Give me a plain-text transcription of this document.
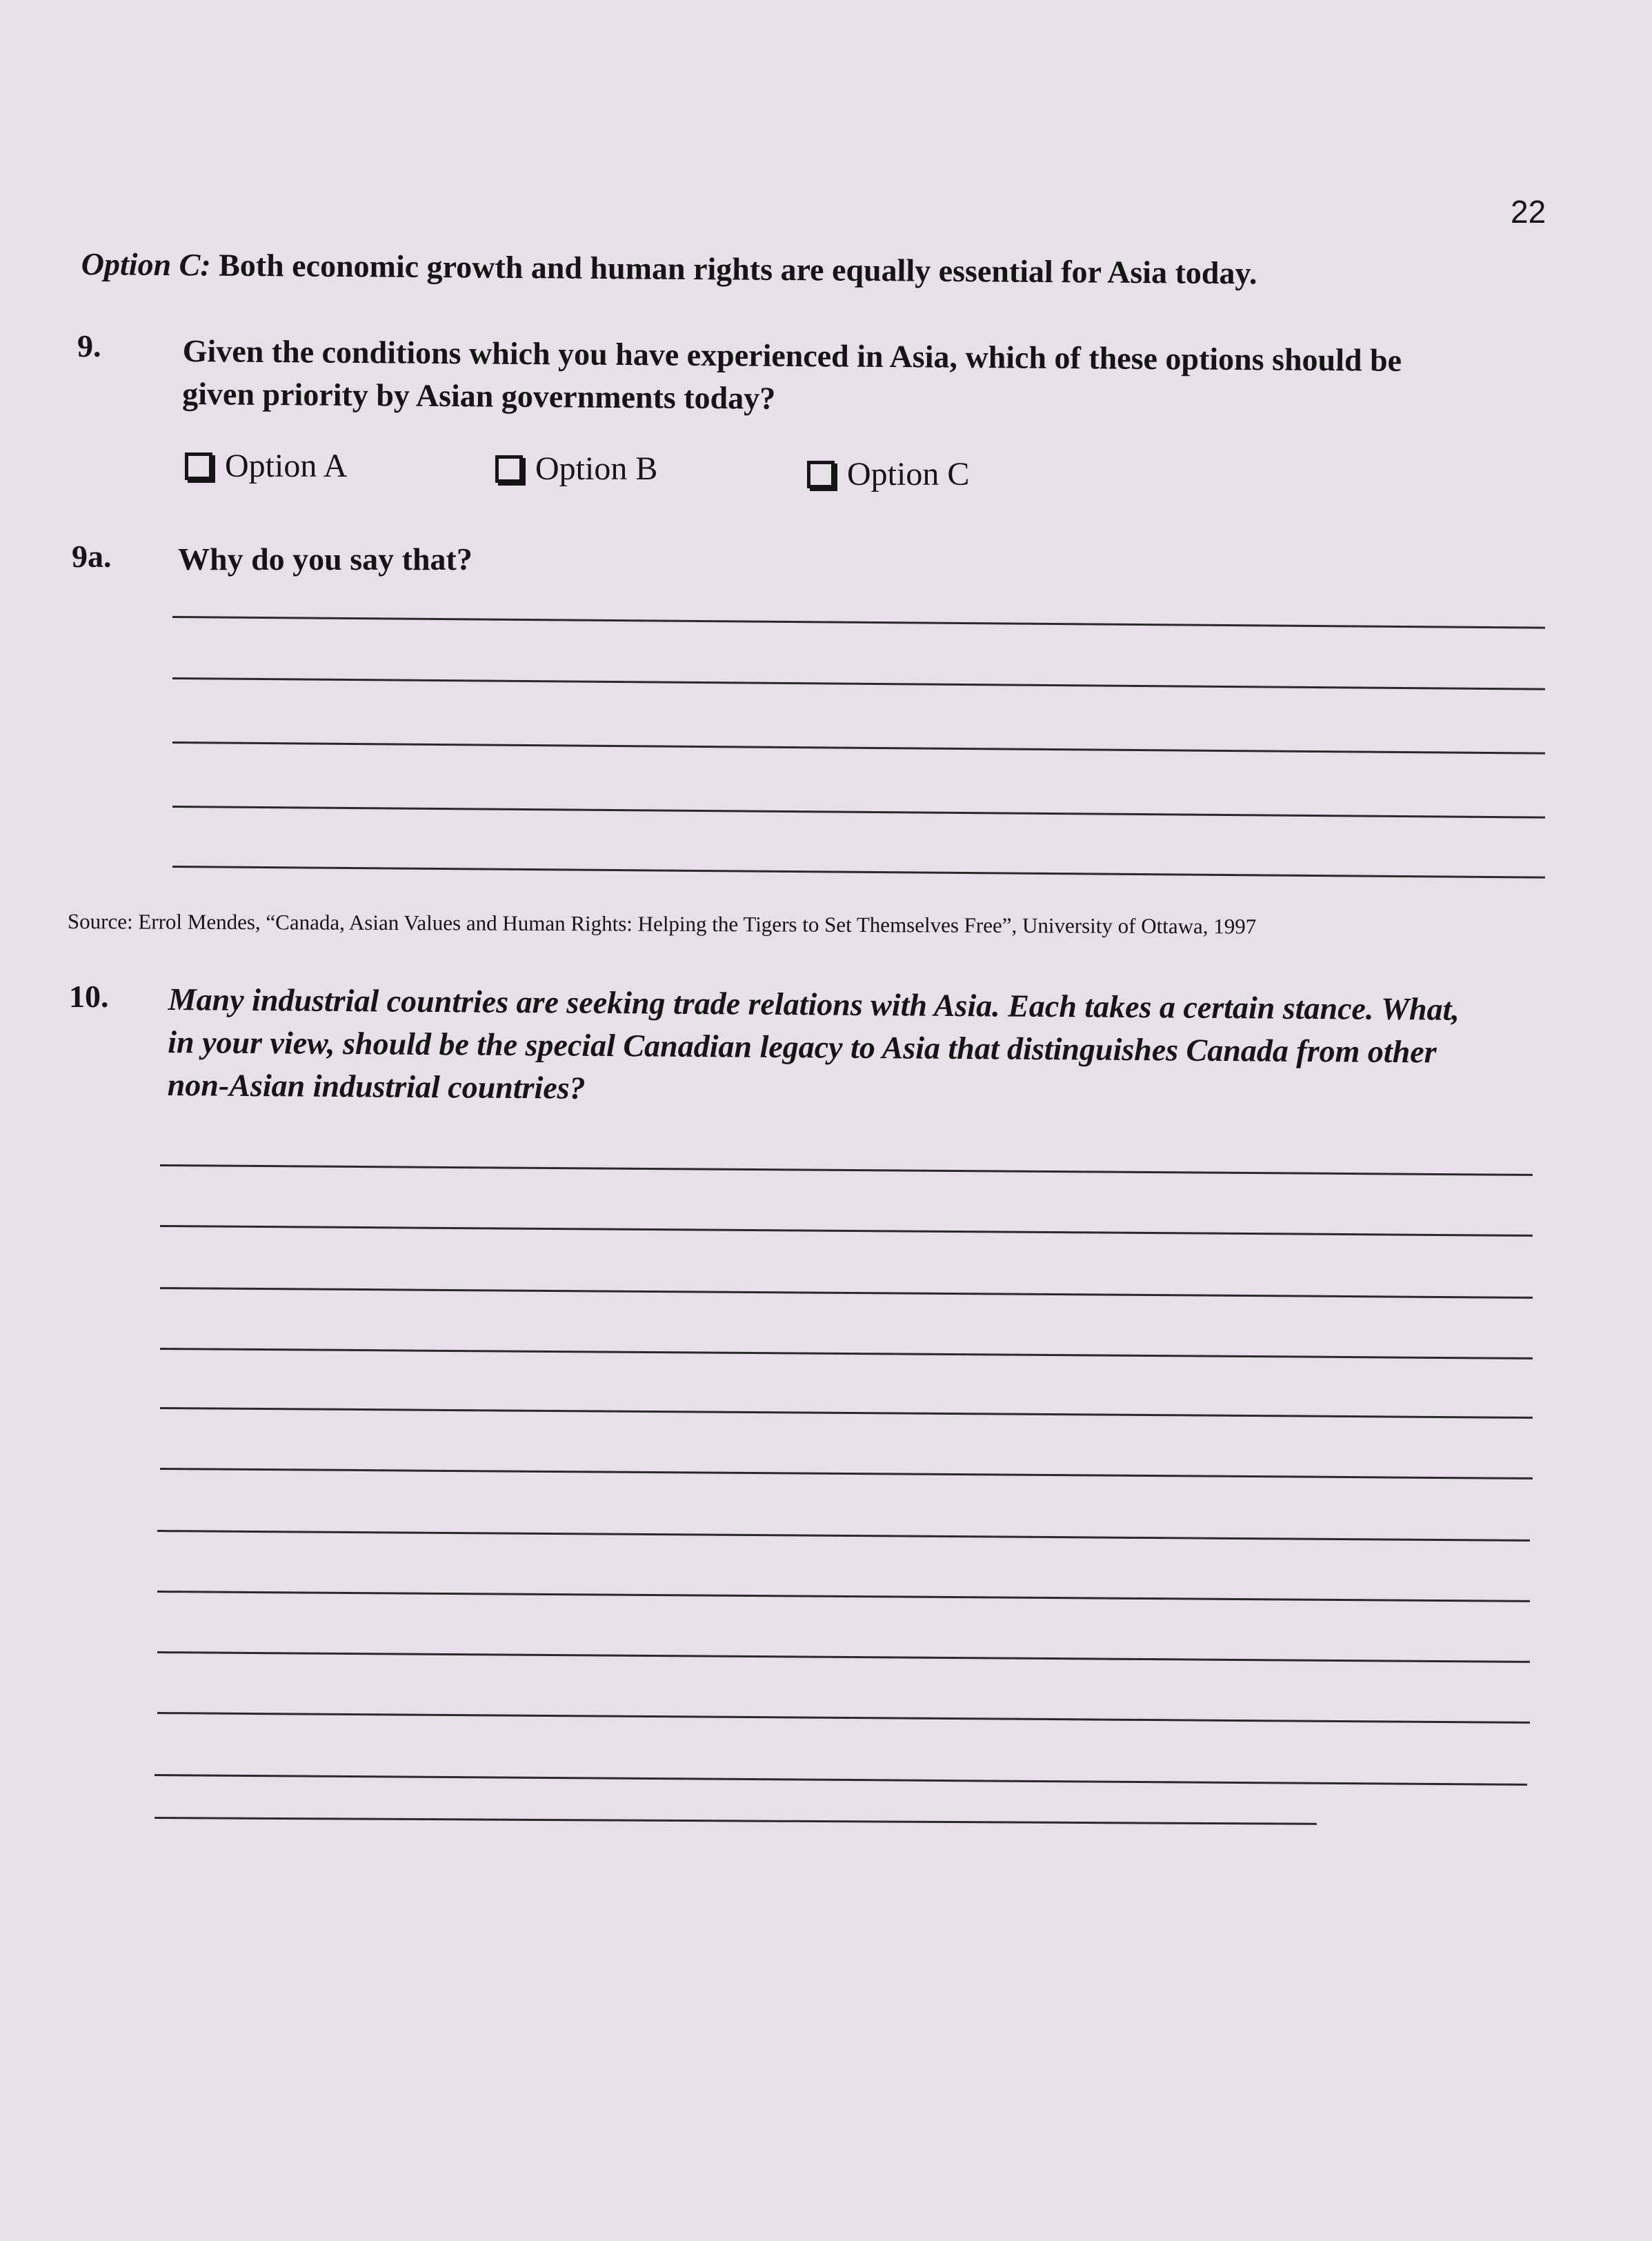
22
Option C: Both economic growth and human rights are equally essential for Asia today.
9.	Given the conditions which you have experienced in Asia, which of these options should be
given priority by Asian governments today?
Option A	Option B	Option C
9a. Why do you say that?
Source: Errol Mendes, “Canada, Asian Values and Human Rights: Helping the Tigers to Set Themselves Free”, University of Ottawa, 1997
10. Many industrial countries are seeking trade relations with Asia. Each takes a certain stance. What,
in your view, should be the special Canadian legacy to Asia that distinguishes Canada from other
non-Asian industrial countries?
